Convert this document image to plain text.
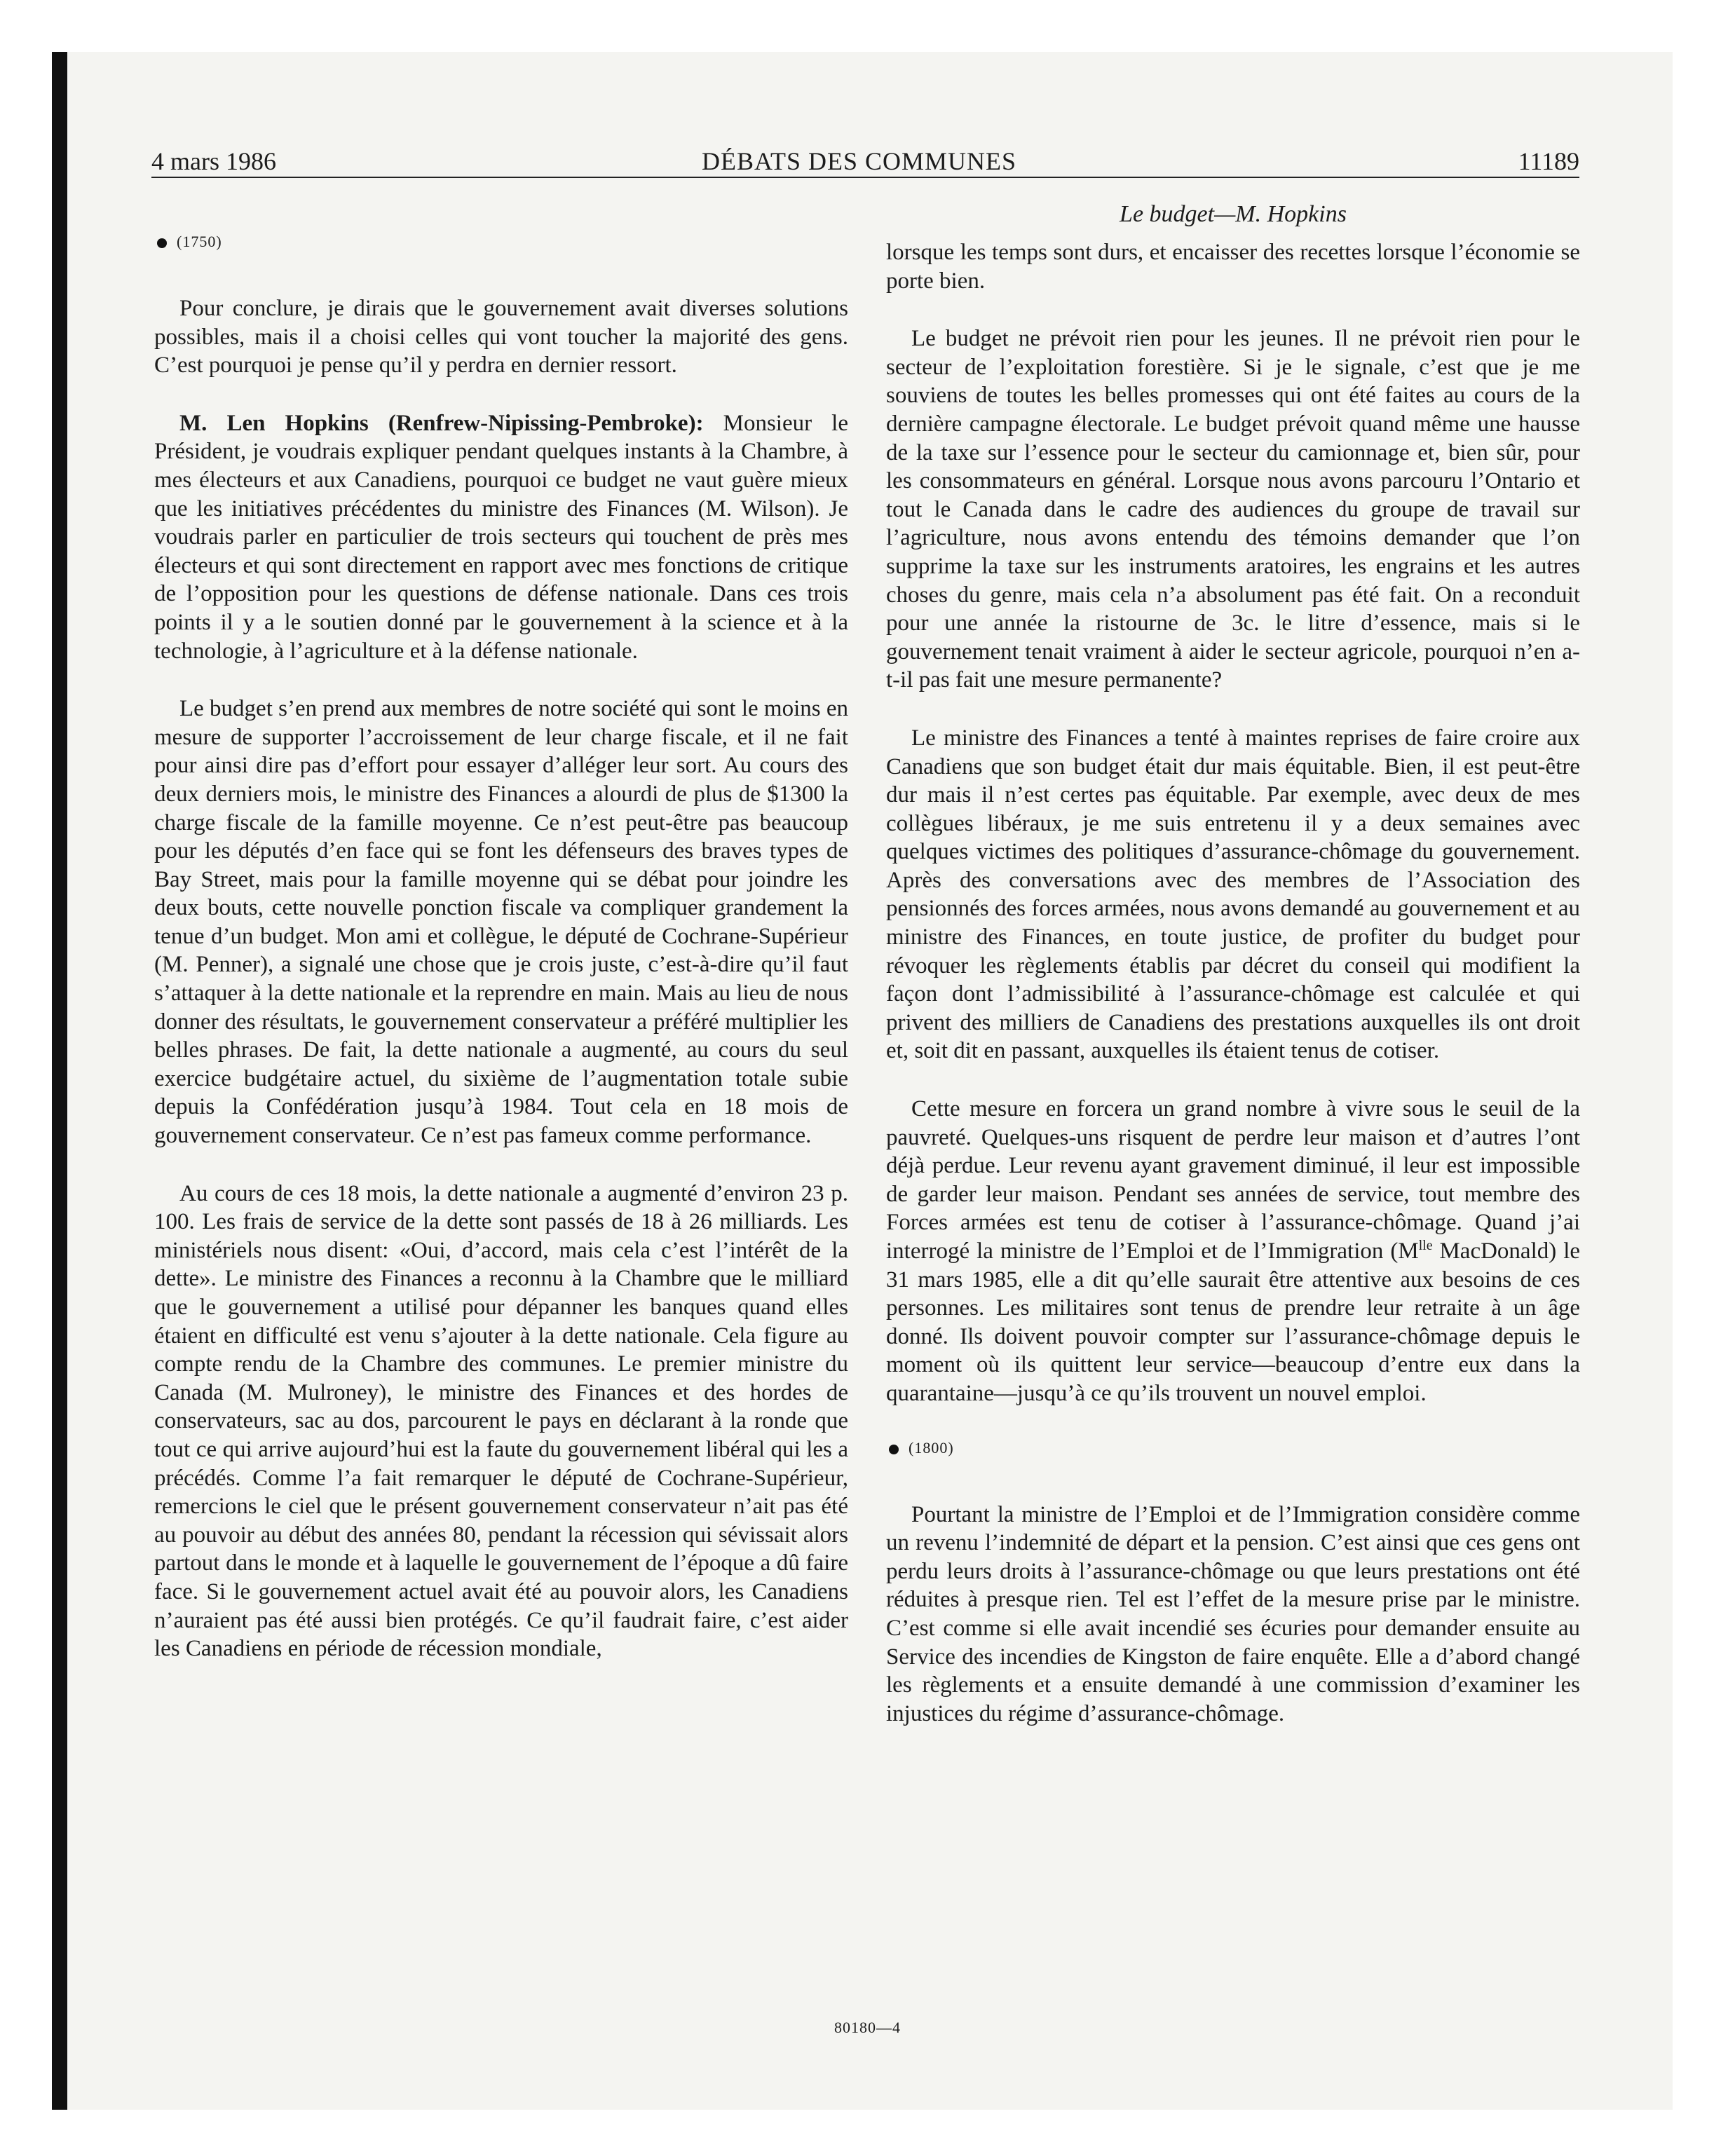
4 mars 1986	DÉBATS DES COMMUNES	11189
Le budget—M. Hopkins
(1750)

Pour conclure, je dirais que le gouvernement avait diverses solutions possibles, mais il a choisi celles qui vont toucher la majorité des gens. C’est pourquoi je pense qu’il y perdra en dernier ressort.

M. Len Hopkins (Renfrew-Nipissing-Pembroke): Monsieur le Président, je voudrais expliquer pendant quelques instants à la Chambre, à mes électeurs et aux Canadiens, pourquoi ce budget ne vaut guère mieux que les initiatives précédentes du ministre des Finances (M. Wilson). Je voudrais parler en particulier de trois secteurs qui touchent de près mes électeurs et qui sont directement en rapport avec mes fonctions de critique de l’opposition pour les questions de défense nationale. Dans ces trois points il y a le soutien donné par le gouvernement à la science et à la technologie, à l’agriculture et à la défense nationale.

Le budget s’en prend aux membres de notre société qui sont le moins en mesure de supporter l’accroissement de leur charge fiscale, et il ne fait pour ainsi dire pas d’effort pour essayer d’alléger leur sort. Au cours des deux derniers mois, le ministre des Finances a alourdi de plus de $1300 la charge fiscale de la famille moyenne. Ce n’est peut-être pas beaucoup pour les députés d’en face qui se font les défenseurs des braves types de Bay Street, mais pour la famille moyenne qui se débat pour joindre les deux bouts, cette nouvelle ponction fiscale va compliquer grandement la tenue d’un budget. Mon ami et collègue, le député de Cochrane-Supérieur (M. Penner), a signalé une chose que je crois juste, c’est-à-dire qu’il faut s’attaquer à la dette nationale et la reprendre en main. Mais au lieu de nous donner des résultats, le gouvernement conservateur a préféré multiplier les belles phrases. De fait, la dette nationale a augmenté, au cours du seul exercice budgétaire actuel, du sixième de l’augmentation totale subie depuis la Confédération jusqu’à 1984. Tout cela en 18 mois de gouvernement conservateur. Ce n’est pas fameux comme performance.

Au cours de ces 18 mois, la dette nationale a augmenté d’environ 23 p. 100. Les frais de service de la dette sont passés de 18 à 26 milliards. Les ministériels nous disent: «Oui, d’accord, mais cela c’est l’intérêt de la dette». Le ministre des Finances a reconnu à la Chambre que le milliard que le gouvernement a utilisé pour dépanner les banques quand elles étaient en difficulté est venu s’ajouter à la dette nationale. Cela figure au compte rendu de la Chambre des communes. Le premier ministre du Canada (M. Mulroney), le ministre des Finances et des hordes de conservateurs, sac au dos, parcourent le pays en déclarant à la ronde que tout ce qui arrive aujourd’hui est la faute du gouvernement libéral qui les a précédés. Comme l’a fait remarquer le député de Cochrane-Supérieur, remercions le ciel que le présent gouvernement conservateur n’ait pas été au pouvoir au début des années 80, pendant la récession qui sévissait alors partout dans le monde et à laquelle le gouvernement de l’époque a dû faire face. Si le gouvernement actuel avait été au pouvoir alors, les Canadiens n’auraient pas été aussi bien protégés. Ce qu’il faudrait faire, c’est aider les Canadiens en période de récession mondiale,

lorsque les temps sont durs, et encaisser des recettes lorsque l’économie se porte bien.

Le budget ne prévoit rien pour les jeunes. Il ne prévoit rien pour le secteur de l’exploitation forestière. Si je le signale, c’est que je me souviens de toutes les belles promesses qui ont été faites au cours de la dernière campagne électorale. Le budget prévoit quand même une hausse de la taxe sur l’essence pour le secteur du camionnage et, bien sûr, pour les consommateurs en général. Lorsque nous avons parcouru l’Ontario et tout le Canada dans le cadre des audiences du groupe de travail sur l’agriculture, nous avons entendu des témoins demander que l’on supprime la taxe sur les instruments aratoires, les engrains et les autres choses du genre, mais cela n’a absolument pas été fait. On a reconduit pour une année la ristourne de 3c. le litre d’essence, mais si le gouvernement tenait vraiment à aider le secteur agricole, pourquoi n’en a-t-il pas fait une mesure permanente?

Le ministre des Finances a tenté à maintes reprises de faire croire aux Canadiens que son budget était dur mais équitable. Bien, il est peut-être dur mais il n’est certes pas équitable. Par exemple, avec deux de mes collègues libéraux, je me suis entretenu il y a deux semaines avec quelques victimes des politiques d’assurance-chômage du gouvernement. Après des conversations avec des membres de l’Association des pensionnés des forces armées, nous avons demandé au gouvernement et au ministre des Finances, en toute justice, de profiter du budget pour révoquer les règlements établis par décret du conseil qui modifient la façon dont l’admissibilité à l’assurance-chômage est calculée et qui privent des milliers de Canadiens des prestations auxquelles ils ont droit et, soit dit en passant, auxquelles ils étaient tenus de cotiser.

Cette mesure en forcera un grand nombre à vivre sous le seuil de la pauvreté. Quelques-uns risquent de perdre leur maison et d’autres l’ont déjà perdue. Leur revenu ayant gravement diminué, il leur est impossible de garder leur maison. Pendant ses années de service, tout membre des Forces armées est tenu de cotiser à l’assurance-chômage. Quand j’ai interrogé la ministre de l’Emploi et de l’Immigration ($M^{lle}$ MacDonald) le 31 mars 1985, elle a dit qu’elle saurait être attentive aux besoins de ces personnes. Les militaires sont tenus de prendre leur retraite à un âge donné. Ils doivent pouvoir compter sur l’assurance-chômage depuis le moment où ils quittent leur service—beaucoup d’entre eux dans la quarantaine—jusqu’à ce qu’ils trouvent un nouvel emploi.

(1800)

Pourtant la ministre de l’Emploi et de l’Immigration considère comme un revenu l’indemnité de départ et la pension. C’est ainsi que ces gens ont perdu leurs droits à l’assurance-chômage ou que leurs prestations ont été réduites à presque rien. Tel est l’effet de la mesure prise par le ministre. C’est comme si elle avait incendié ses écuries pour demander ensuite au Service des incendies de Kingston de faire enquête. Elle a d’abord changé les règlements et a ensuite demandé à une commission d’examiner les injustices du régime d’assurance-chômage.

80180—4
